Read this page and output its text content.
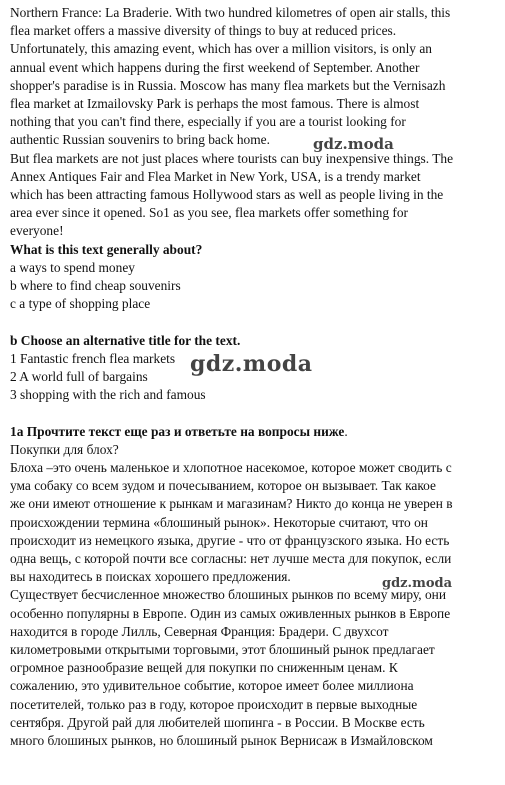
Northern France: La Braderie. With two hundred kilometres of open air stalls, this
flea market offers a massive diversity of things to buy at reduced prices.
Unfortunately, this amazing event, which has over a million visitors, is only an
annual event which happens during the first weekend of September. Another
shopper's paradise is in Russia. Moscow has many flea markets but the Vernisazh
flea market at Izmailovsky Park is perhaps the most famous. There is almost
nothing that you can't find there, especially if you are a tourist looking for
authentic Russian souvenirs to bring back home.
But flea markets are not just places where tourists can buy inexpensive things. The
Annex Antiques Fair and Flea Market in New York, USA, is a trendy market
which has been attracting famous Hollywood stars as well as people living in the
area ever since it opened. So1 as you see, flea markets offer something for
everyone!
What is this text generally about?
a ways to spend money
b where to find cheap souvenirs
c a type of shopping place
b Choose an alternative title for the text.
1 Fantastic french flea markets
2 A world full of bargains
3 shopping with the rich and famous
1a Прочтите текст еще раз и ответьте на вопросы ниже.
Покупки для блох?
Блоха –это очень маленькое и хлопотное насекомое, которое может сводить с
ума собаку со всем зудом и почесыванием, которое он вызывает. Так какое
же они имеют отношение к рынкам и магазинам? Никто до конца не уверен в
происхождении термина «блошиный рынок». Некоторые считают, что он
происходит из немецкого языка, другие - что от французского языка. Но есть
одна вещь, с которой почти все согласны: нет лучше места для покупок, если
вы находитесь в поисках хорошего предложения.
Существует бесчисленное множество блошиных рынков по всему миру, они
особенно популярны в Европе. Один из самых оживленных рынков в Европе
находится в городе Лилль, Северная Франция: Брадери. С двухсот
километровыми открытыми торговыми, этот блошиный рынок предлагает
огромное разнообразие вещей для покупки по сниженным ценам. К
сожалению, это удивительное событие, которое имеет более миллиона
посетителей, только раз в году, которое происходит в первые выходные
сентября. Другой рай для любителей шопинга - в России. В Москве есть
много блошиных рынков, но блошиный рынок Вернисаж в Измайловском
gdz.moda
gdz.moda
gdz.moda
